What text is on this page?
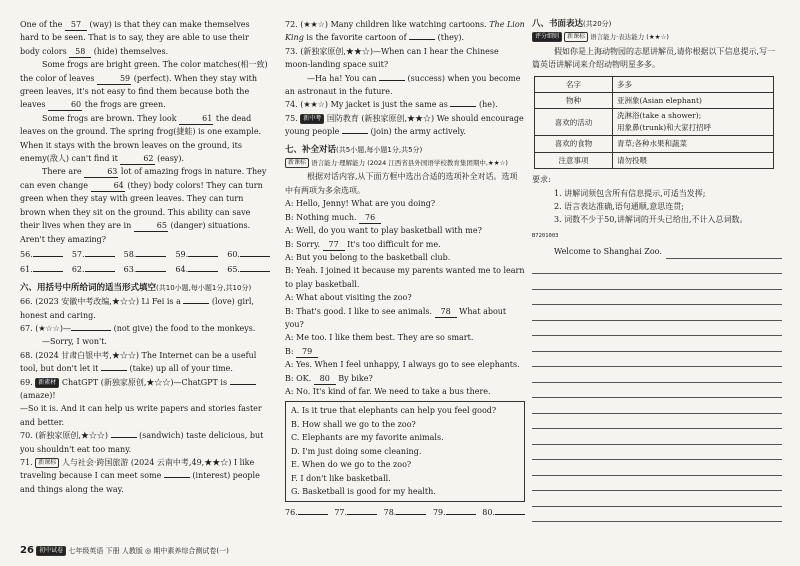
One of the 57 (way) is that they can make themselves hard to be seen. That is to say, they are able to use their body colors 58 (hide) themselves.

Some frogs are bright green. The color matches(相一致) the color of leaves	59 (perfect). When they stay with green leaves, it's not easy to find them because both the leaves	60 the frogs are green.

Some frogs are brown. They look	61 the dead leaves on the ground. The spring frog(捷蛙) is one example. When it stays with the brown leaves on the ground, its enemy(敌人) can't find it	62 (easy).

There are	63 lot of amazing frogs in nature. They can even change	64 (they) body colors! They can turn green when they stay with green leaves. They can turn brown when they sit on the ground. This ability can save their lives when they are in	65 (danger) situations. Aren't they amazing?

56.	57.	58.	59.	60.
61.	62.	63.	64.	65.
六、用括号中所给词的适当形式填空(共10小题,每小题1分,共10分)

66. (2023 安徽中考改编,★☆☆) Li Fei is a	(love) girl, honest and caring.

67. (★☆☆)—	(not give) the food to the monkeys.

—Sorry, I won't.

68. (2024 甘肃白银中考,★☆☆) The Internet can be a useful tool, but don't let it	(take) up all of your time.

69. 新素材 ChatGPT (新独家原创,★☆☆)—ChatGPT is  (amaze)!

—So it is. And it can help us write papers and stories faster and better.

70. (新独家原创,★☆☆)	(sandwich) taste delicious, but you shouldn't eat too many.

71. 新课标 人与社会·跨国旅游 (2024 云南中考,49,★★☆) I like traveling because I can meet some	(interest) people and things along the way.

72. (★★☆) Many children like watching cartoons. The Lion King is the favorite cartoon of	(they).

73. (新独家原创,★★☆)—When can I hear the Chinese moon-landing space suit?

—Ha ha! You can	(success) when you become an astronaut in the future.

74. (★★☆) My jacket is just the same as	(he).

75. 新中考 国防教育 (新独家原创,★★☆) We should encourage young people	(join) the army actively.

七、补全对话(共5小题,每小题1分,共5分)

新课标 语言能力·理解能力 (2024 江西省县外国语学校教育集团期中,★★☆)

根据对话内容,从下面方框中选出合适的选项补全对话。选项中有两项为多余选项。

A: Hello, Jenny! What are you doing?

B: Nothing much. 76

A: Well, do you want to play basketball with me?

B: Sorry. 77 It's too difficult for me.

A: But you belong to the basketball club.

B: Yeah. I joined it because my parents wanted me to learn to play basketball.

A: What about visiting the zoo?

B: That's good. I like to see animals. 78 What about you?

A: Me too. I like them best. They are so smart.

B: 79

A: Yes. When I feel unhappy, I always go to see elephants.

B: OK. 80 By bike?

A: No. It's kind of far. We need to take a bus there.

A. Is it true that elephants can help you feel good?

B. How shall we go to the zoo?

C. Elephants are my favorite animals.

D. I'm just doing some cleaning.

E. When do we go to the zoo?

F. I don't like basketball.

G. Basketball is good for my health.

76.	77.	78.	79.	80.
八、书面表达(共20分)

评分细则 新课标 语言能力·表达能力 (★★☆)

假如你是上海动物园的志愿讲解员,请你根据以下信息提示,写一篇英语讲解词来介绍动物明星多多。

名字	多多
物种	亚洲象(Asian elephant)
喜欢的活动	洗淋浴(take a shower);
用象鼻(trunk)和大家打招呼
喜欢的食物	青草;各种水果和蔬菜
注意事项	请勿投喂

要求:

1. 讲解词须包含所有信息提示,可适当发挥;

2. 语言表达准确,语句通顺,意思连贯;

3. 词数不少于50,讲解词的开头已给出,不计入总词数。

B7201003

Welcome to Shanghai Zoo.
26 初中试卷 七年级英语 下册 人教版 ◎ 期中素养综合测试卷(一)
